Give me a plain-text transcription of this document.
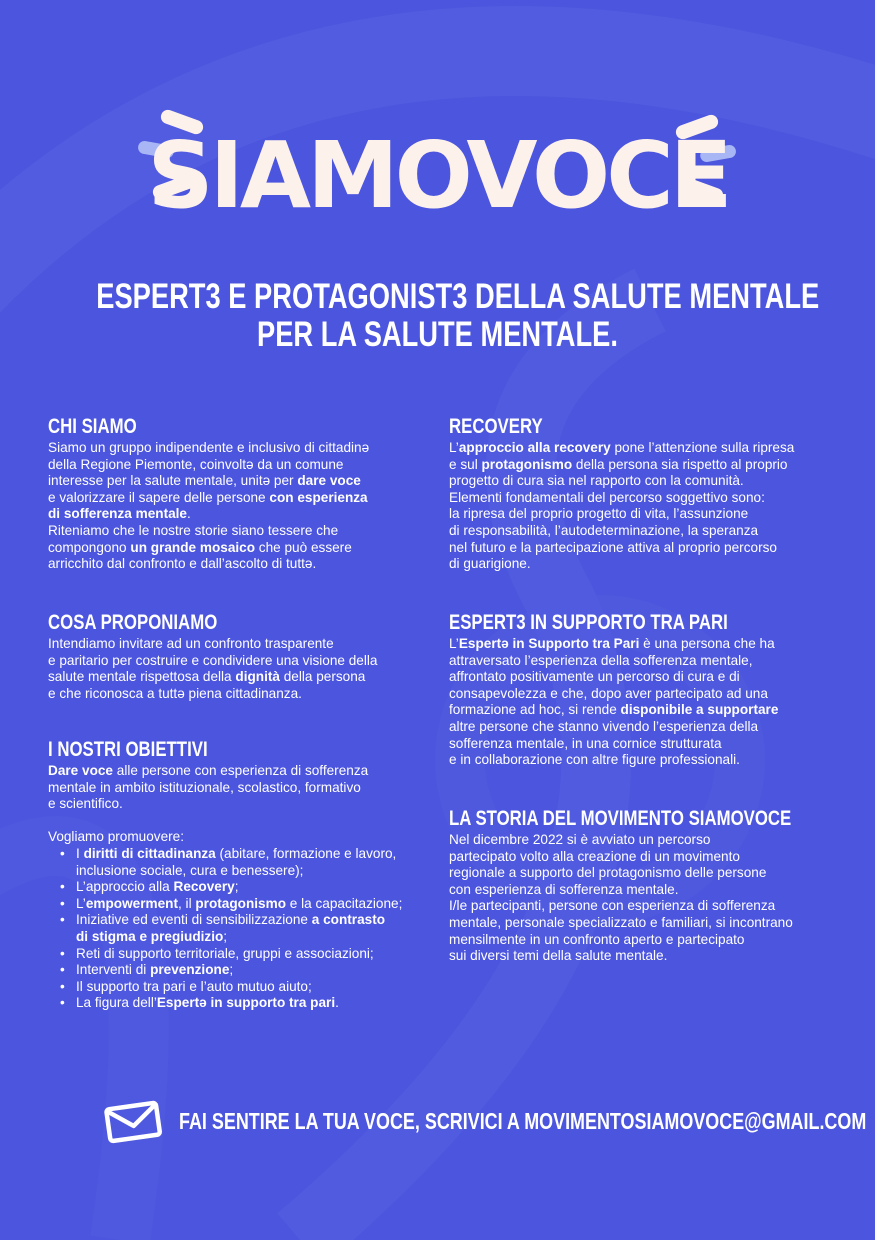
SIAMOVOCE
ESPERT3 E PROTAGONIST3 DELLA SALUTE MENTALE
PER LA SALUTE MENTALE.
CHI SIAMO
Siamo un gruppo indipendente e inclusivo di cittadinə
della Regione Piemonte, coinvoltə da un comune
interesse per la salute mentale, unitə per dare voce
e valorizzare il sapere delle persone con esperienza
di sofferenza mentale.
Riteniamo che le nostre storie siano tessere che
compongono un grande mosaico che può essere
arricchito dal confronto e dall’ascolto di tuttə.
COSA PROPONIAMO
Intendiamo invitare ad un confronto trasparente
e paritario per costruire e condividere una visione della
salute mentale rispettosa della dignità della persona
e che riconosca a tuttə piena cittadinanza.
I NOSTRI OBIETTIVI
Dare voce alle persone con esperienza di sofferenza
mentale in ambito istituzionale, scolastico, formativo
e scientifico.
Vogliamo promuovere:
• I diritti di cittadinanza (abitare, formazione e lavoro,
inclusione sociale, cura e benessere);
• L’approccio alla Recovery;
• L’empowerment, il protagonismo e la capacitazione;
• Iniziative ed eventi di sensibilizzazione a contrasto
di stigma e pregiudizio;
• Reti di supporto territoriale, gruppi e associazioni;
• Interventi di prevenzione;
• Il supporto tra pari e l’auto mutuo aiuto;
• La figura dell’Espertə in supporto tra pari.
RECOVERY
L’approccio alla recovery pone l’attenzione sulla ripresa
e sul protagonismo della persona sia rispetto al proprio
progetto di cura sia nel rapporto con la comunità.
Elementi fondamentali del percorso soggettivo sono:
la ripresa del proprio progetto di vita, l’assunzione
di responsabilità, l’autodeterminazione, la speranza
nel futuro e la partecipazione attiva al proprio percorso
di guarigione.
ESPERT3 IN SUPPORTO TRA PARI
L’Espertə in Supporto tra Pari è una persona che ha
attraversato l’esperienza della sofferenza mentale,
affrontato positivamente un percorso di cura e di
consapevolezza e che, dopo aver partecipato ad una
formazione ad hoc, si rende disponibile a supportare
altre persone che stanno vivendo l’esperienza della
sofferenza mentale, in una cornice strutturata
e in collaborazione con altre figure professionali.
LA STORIA DEL MOVIMENTO SIAMOVOCE
Nel dicembre 2022 si è avviato un percorso
partecipato volto alla creazione di un movimento
regionale a supporto del protagonismo delle persone
con esperienza di sofferenza mentale.
I/le partecipanti, persone con esperienza di sofferenza
mentale, personale specializzato e familiari, si incontrano
mensilmente in un confronto aperto e partecipato
sui diversi temi della salute mentale.
FAI SENTIRE LA TUA VOCE, SCRIVICI A MOVIMENTOSIAMOVOCE@GMAIL.COM
